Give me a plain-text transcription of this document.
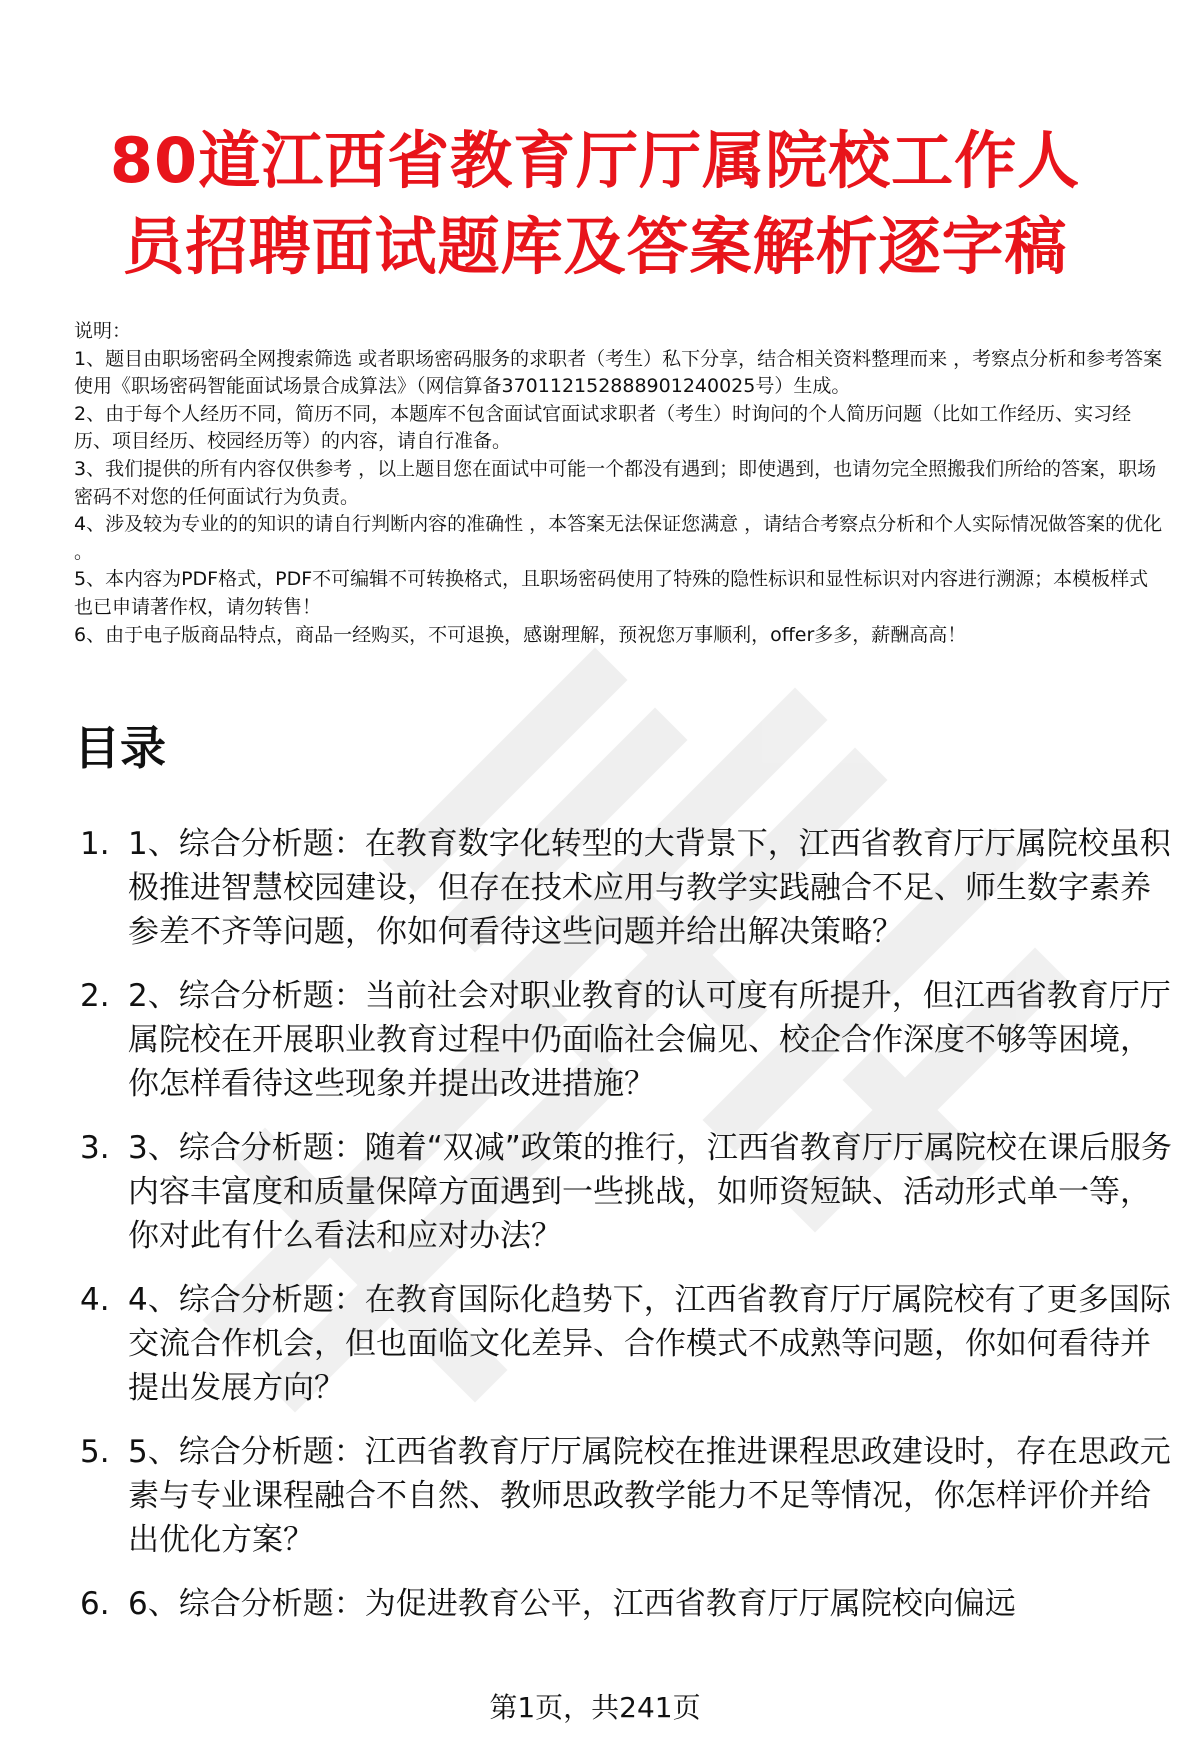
80道江西省教育厅厅属院校工作人
员招聘面试题库及答案解析逐字稿

说明：

1、题目由职场密码全网搜索筛选 或者职场密码服务的求职者（考生）私下分享，结合相关资料整理而来 ，考察点分析和参考答案使用《职场密码智能面试场景合成算法》（网信算备370112152888901240025号）生成。

2、由于每个人经历不同，简历不同，本题库不包含面试官面试求职者（考生）时询问的个人简历问题（比如工作经历、实习经历、项目经历、校园经历等）的内容，请自行准备。

3、我们提供的所有内容仅供参考 ，以上题目您在面试中可能一个都没有遇到；即使遇到，也请勿完全照搬我们所给的答案，职场密码不对您的任何面试行为负责。

4、涉及较为专业的的知识的请自行判断内容的准确性 ，本答案无法保证您满意 ，请结合考察点分析和个人实际情况做答案的优化 。

5、本内容为PDF格式，PDF不可编辑不可转换格式，且职场密码使用了特殊的隐性标识和显性标识对内容进行溯源；本模板样式也已申请著作权，请勿转售！

6、由于电子版商品特点，商品一经购买，不可退换，感谢理解，预祝您万事顺利，offer多多，薪酬高高！

目录
1. 1、综合分析题：在教育数字化转型的大背景下，江西省教育厅厅属院校虽积极推进智慧校园建设，但存在技术应用与教学实践融合不足、师生数字素养参差不齐等问题，你如何看待这些问题并给出解决策略？
2. 2、综合分析题：当前社会对职业教育的认可度有所提升，但江西省教育厅厅属院校在开展职业教育过程中仍面临社会偏见、校企合作深度不够等困境，你怎样看待这些现象并提出改进措施？
3. 3、综合分析题：随着“双减”政策的推行，江西省教育厅厅属院校在课后服务内容丰富度和质量保障方面遇到一些挑战，如师资短缺、活动形式单一等，你对此有什么看法和应对办法？
4. 4、综合分析题：在教育国际化趋势下，江西省教育厅厅属院校有了更多国际交流合作机会，但也面临文化差异、合作模式不成熟等问题，你如何看待并提出发展方向？
5. 5、综合分析题：江西省教育厅厅属院校在推进课程思政建设时，存在思政元素与专业课程融合不自然、教师思政教学能力不足等情况，你怎样评价并给出优化方案？
6. 6、综合分析题：为促进教育公平，江西省教育厅厅属院校向偏远
第1页，共241页
